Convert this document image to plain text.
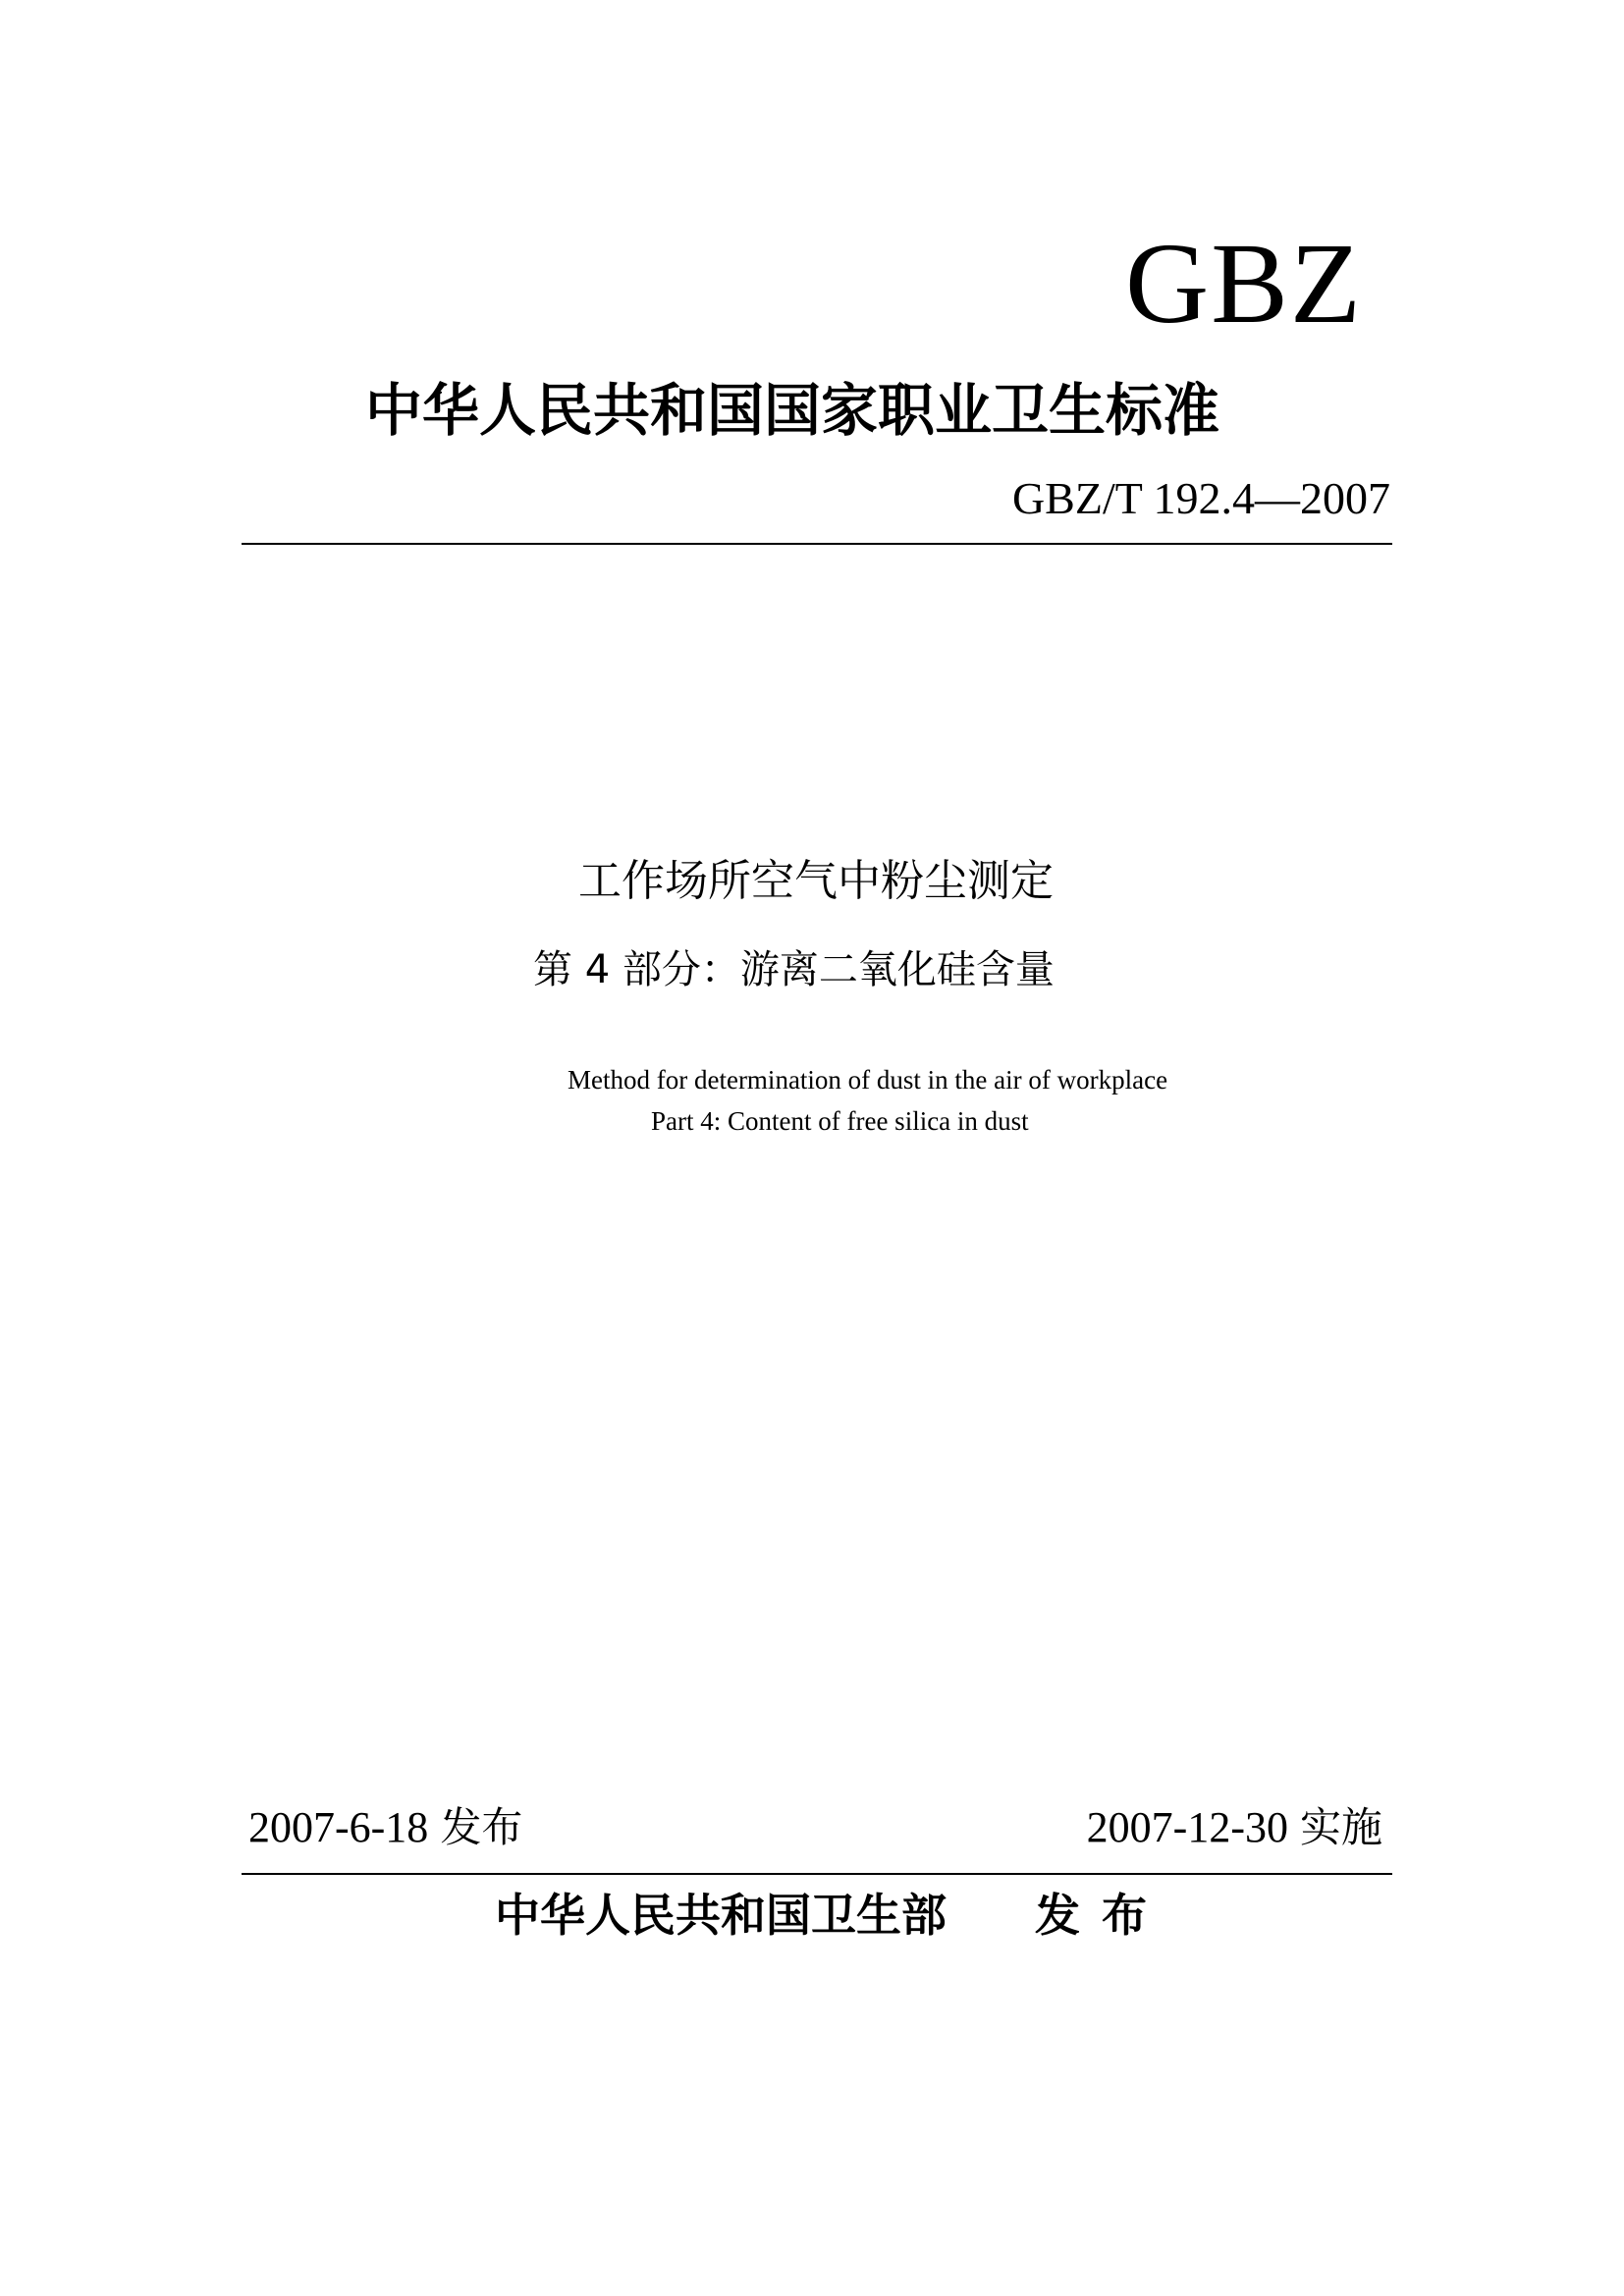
GBZ
中华人民共和国国家职业卫生标准
GBZ/T 192.4—2007
工作场所空气中粉尘测定
第 4 部分：游离二氧化硅含量
Method for determination of dust in the air of workplace
Part 4: Content of free silica in dust
2007-6-18 发布	2007-12-30 实施
中华人民共和国卫生部 发布
